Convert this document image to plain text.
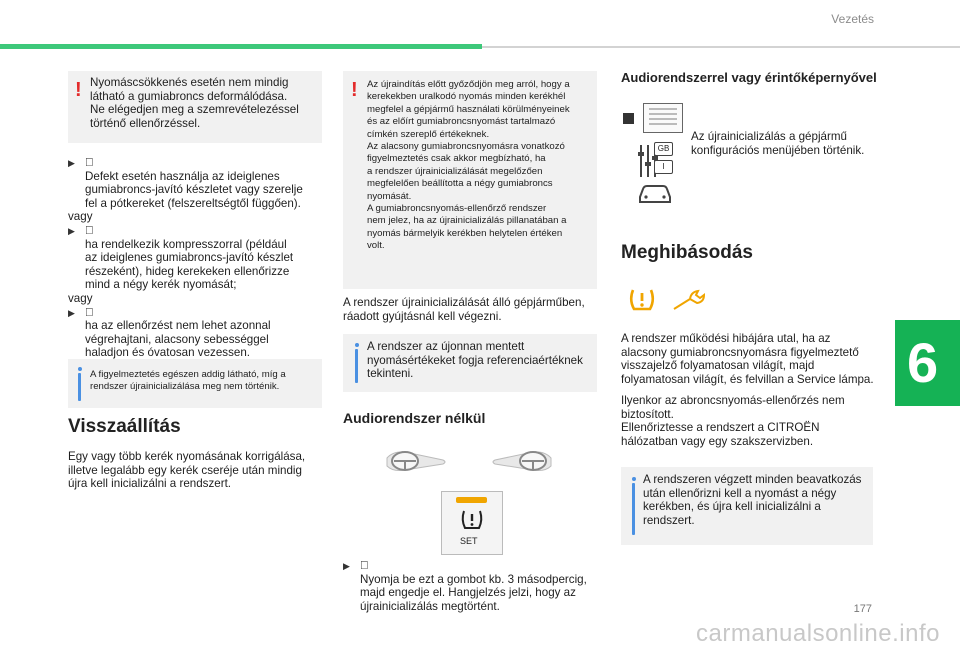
Vezetés
6
! Nyomáscsökkenés esetén nem mindig
látható a gumiabroncs deformálódása.
Ne elégedjen meg a szemrevételezéssel
történő ellenőrzéssel.
▶
Defekt esetén használja az ideiglenes
gumiabroncs-javító készletet vagy szerelje
fel a pótkereket (felszereltségtől függően).
vagy
▶
ha rendelkezik kompresszorral (például
az ideiglenes gumiabroncs-javító készlet
részeként), hideg kerekeken ellenőrizze
mind a négy kerék nyomását;
vagy
▶
ha az ellenőrzést nem lehet azonnal
végrehajtani, alacsony sebességgel
haladjon és óvatosan vezessen.
A figyelmeztetés egészen addig látható, míg a
rendszer újrainicializálása meg nem történik.
Visszaállítás
Egy vagy több kerék nyomásának korrigálása,
illetve legalább egy kerék cseréje után mindig
újra kell inicializálni a rendszert.
! Az újraindítás előtt győződjön meg arról, hogy a
kerekekben uralkodó nyomás minden kerékhél
megfelel a gépjármű használati körülményeinek
és az előírt gumiabroncsnyomást tartalmazó
címkén szereplő értékeknek.
Az alacsony gumiabroncsnyomásra vonatkozó
figyelmeztetés csak akkor megbízható, ha
a rendszer újrainicializálását megelőzően
megfelelően beállította a négy gumiabroncs
nyomását.
A gumiabroncsnyomás-ellenőrző rendszer
nem jelez, ha az újrainicializálás pillanatában a
nyomás bármelyik kerékben helytelen értéken
volt.
A rendszer újrainicializálását álló gépjárműben,
ráadott gyújtásnál kell végezni.
A rendszer az újonnan mentett
nyomásértékeket fogja referenciaértéknek
tekinteni.
Audiorendszer nélkül
SET
▶
Nyomja be ezt a gombot kb. 3 másodpercig,
majd engedje el. Hangjelzés jelzi, hogy az
újrainicializálás megtörtént.
Audiorendszerrel vagy érintőképernyővel
GB
I
Az újrainicializálás a gépjármű
konfigurációs menüjében történik.
Meghibásodás
A rendszer működési hibájára utal, ha az
alacsony gumiabroncsnyomásra figyelmeztető
visszajelző folyamatosan világít, majd
folyamatosan világít, és felvillan a Service lámpa.
Ilyenkor az abroncsnyomás-ellenőrzés nem
biztosított.
Ellenőriztesse a rendszert a CITROËN
hálózatban vagy egy szakszervizben.
A rendszeren végzett minden beavatkozás
után ellenőrizni kell a nyomást a négy
kerékben, és újra kell inicializálni a
rendszert.
177
carmanualsonline.info
